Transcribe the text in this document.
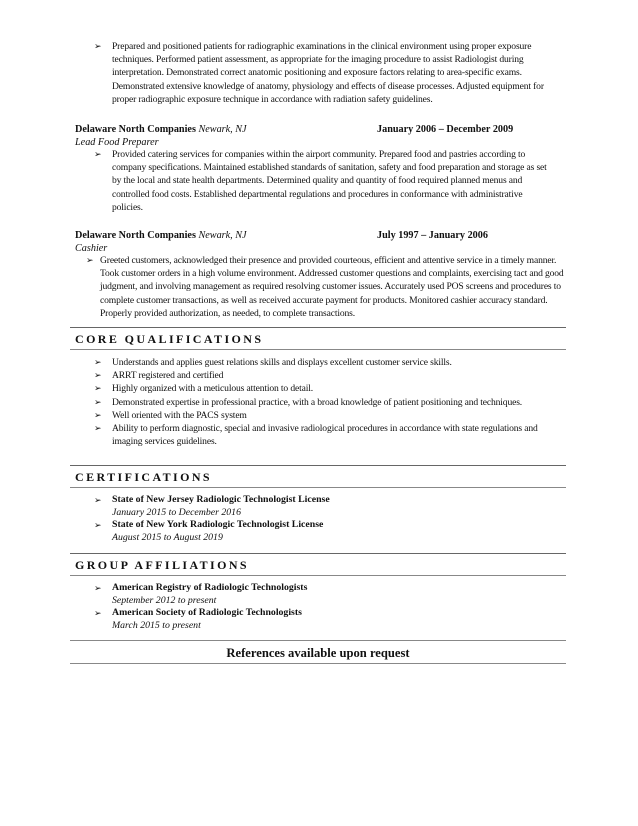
➢ Prepared and positioned patients for radiographic examinations in the clinical environment using proper exposure techniques. Performed patient assessment, as appropriate for the imaging procedure to assist Radiologist during interpretation. Demonstrated correct anatomic positioning and exposure factors relating to area-specific exams. Demonstrated extensive knowledge of anatomy, physiology and effects of disease processes. Adjusted equipment for proper radiographic exposure technique in accordance with radiation safety guidelines.
Delaware North Companies Newark, NJ	January 2006 – December 2009
Lead Food Preparer
➢ Provided catering services for companies within the airport community. Prepared food and pastries according to company specifications. Maintained established standards of sanitation, safety and food preparation and storage as set by the local and state health departments. Determined quality and quantity of food required planned menus and controlled food costs. Established departmental regulations and procedures in conformance with administrative policies.
Delaware North Companies Newark, NJ	July 1997 – January 2006
Cashier
➢ Greeted customers, acknowledged their presence and provided courteous, efficient and attentive service in a timely manner. Took customer orders in a high volume environment. Addressed customer questions and complaints, exercising tact and good judgment, and involving management as required resolving customer issues. Accurately used POS screens and procedures to complete customer transactions, as well as received accurate payment for products. Monitored cashier accuracy standard. Properly provided authorization, as needed, to complete transactions.
CORE QUALIFICATIONS
➢ Understands and applies guest relations skills and displays excellent customer service skills.
➢ ARRT registered and certified
➢ Highly organized with a meticulous attention to detail.
➢ Demonstrated expertise in professional practice, with a broad knowledge of patient positioning and techniques.
➢ Well oriented with the PACS system
➢ Ability to perform diagnostic, special and invasive radiological procedures in accordance with state regulations and imaging services guidelines.
CERTIFICATIONS
➢ State of New Jersey Radiologic Technologist License
January 2015 to December 2016
➢ State of New York Radiologic Technologist License
August 2015 to August 2019
GROUP AFFILIATIONS
➢ American Registry of Radiologic Technologists
September 2012 to present
➢ American Society of Radiologic Technologists
March 2015 to present
References available upon request
